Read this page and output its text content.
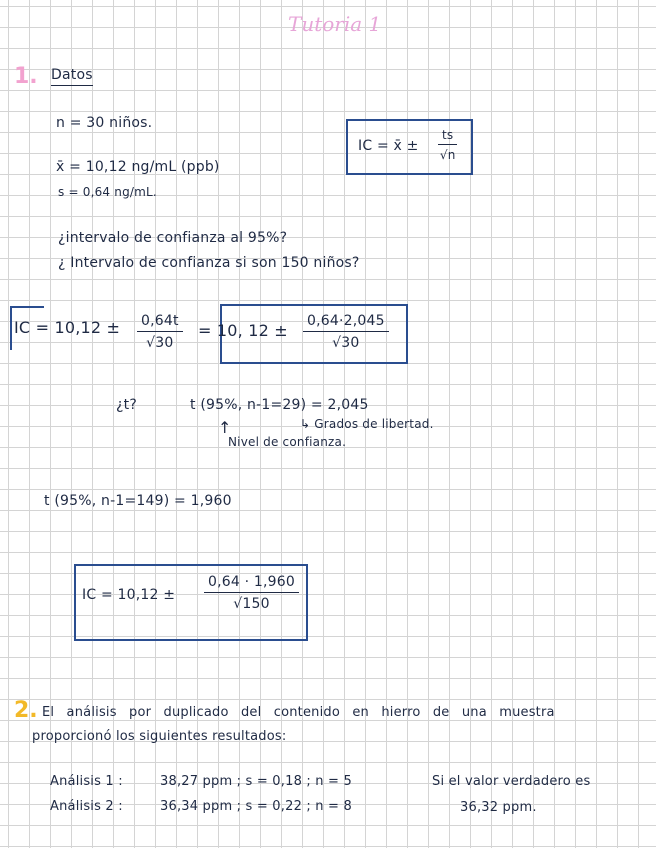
Tutoria 1
1. Datos
n = 30 niños.
x̄ = 10,12 ng/mL (ppb)
s = 0,64 ng/mL.
IC = x̄ ± $\frac{ts}{√n}$
¿intervalo de confianza al 95%?
¿ Intervalo de confianza si son 150 niños?
IC = $10,12 \pm \frac{0,64t}{√30} = 10$, $12 \pm \frac{0,64\cdot 2,045}{√30}$
¿t?	t (95%, n-1=29) = 2,045
↳ Grados de libertad.
↑
Nivel de confianza.
t (95%, n-1=149) = 1,960
IC = $10,12 \pm \frac{0,64 \cdot 1,960}{√150}$
2. El análisis por duplicado del contenido en hierro de una muestra
proporcionó los siguientes resultados:
Análisis 1 :	38,27 ppm ; s = 0,18 ; n = 5
Análisis 2 :	36,34 ppm ; s = 0,22 ; n = 8
Si el valor verdadero es
36,32 ppm.
